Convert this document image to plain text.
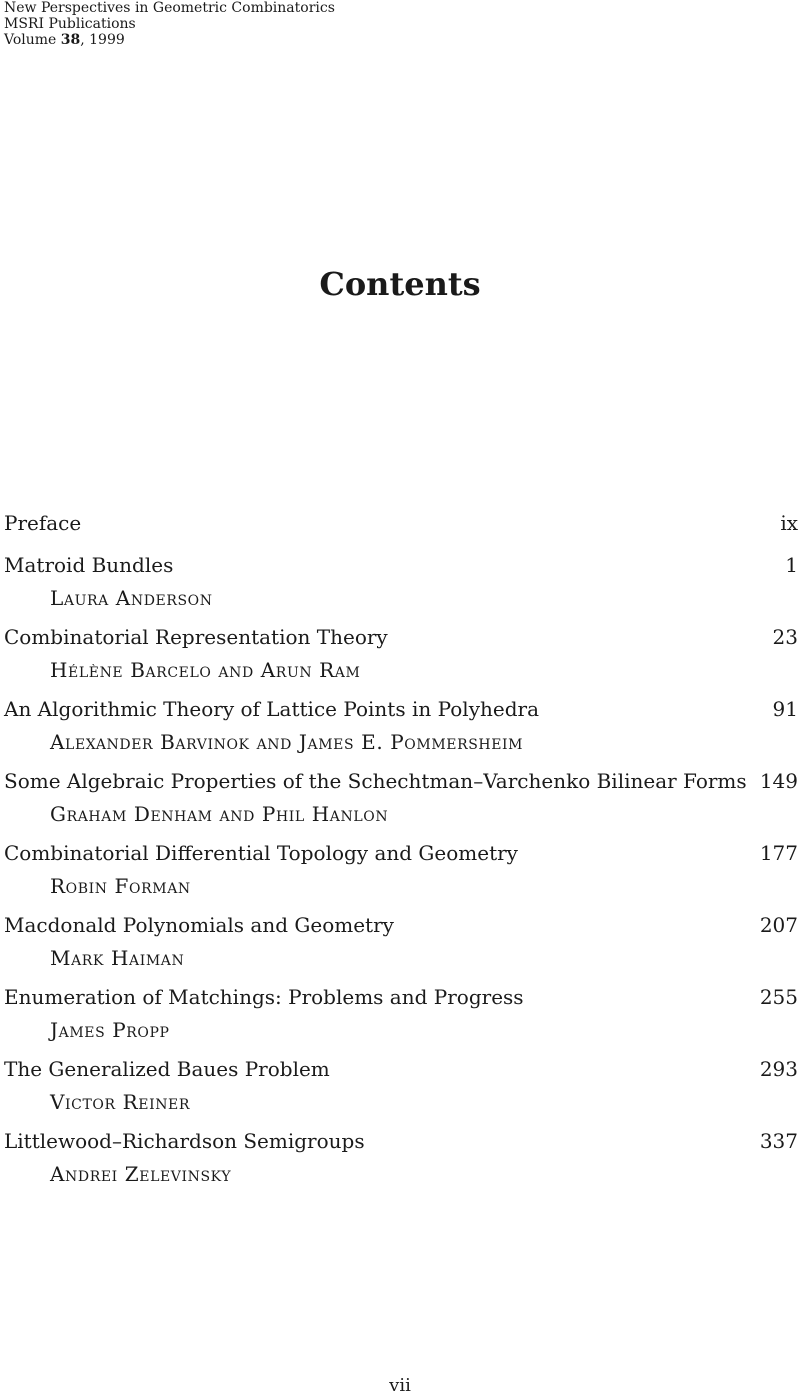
New Perspectives in Geometric Combinatorics
MSRI Publications
Volume 38, 1999
Contents
Preface	ix
Matroid Bundles	1
Laura Anderson
Combinatorial Representation Theory	23
Hélène Barcelo and Arun Ram
An Algorithmic Theory of Lattice Points in Polyhedra	91
Alexander Barvinok and James E. Pommersheim
Some Algebraic Properties of the Schechtman–Varchenko Bilinear Forms 149
Graham Denham and Phil Hanlon
Combinatorial Differential Topology and Geometry	177
Robin Forman
Macdonald Polynomials and Geometry	207
Mark Haiman
Enumeration of Matchings: Problems and Progress	255
James Propp
The Generalized Baues Problem	293
Victor Reiner
Littlewood–Richardson Semigroups	337
Andrei Zelevinsky
vii
